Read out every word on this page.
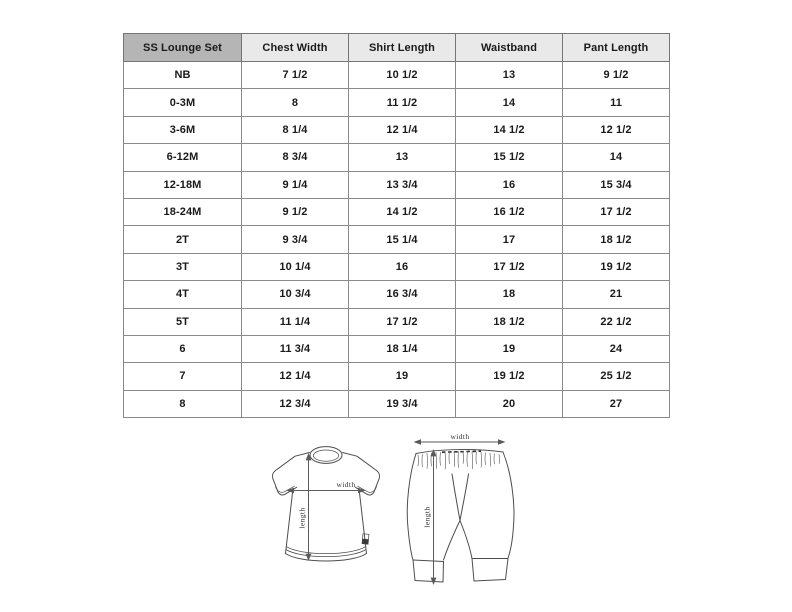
SS Lounge Set	Chest Width	Shirt Length	Waistband	Pant Length
NB	7 1/2	10 1/2	13	9 1/2
0-3M	8	11 1/2	14	11
3-6M	8 1/4	12 1/4	14 1/2	12 1/2
6-12M	8 3/4	13	15 1/2	14
12-18M	9 1/4	13 3/4	16	15 3/4
18-24M	9 1/2	14 1/2	16 1/2	17 1/2
2T	9 3/4	15 1/4	17	18 1/2
3T	10 1/4	16	17 1/2	19 1/2
4T	10 3/4	16 3/4	18	21
5T	11 1/4	17 1/2	18 1/2	22 1/2
6	11 3/4	18 1/4	19	24
7	12 1/4	19	19 1/2	25 1/2
8	12 3/4	19 3/4	20	27
width
length
width
length
